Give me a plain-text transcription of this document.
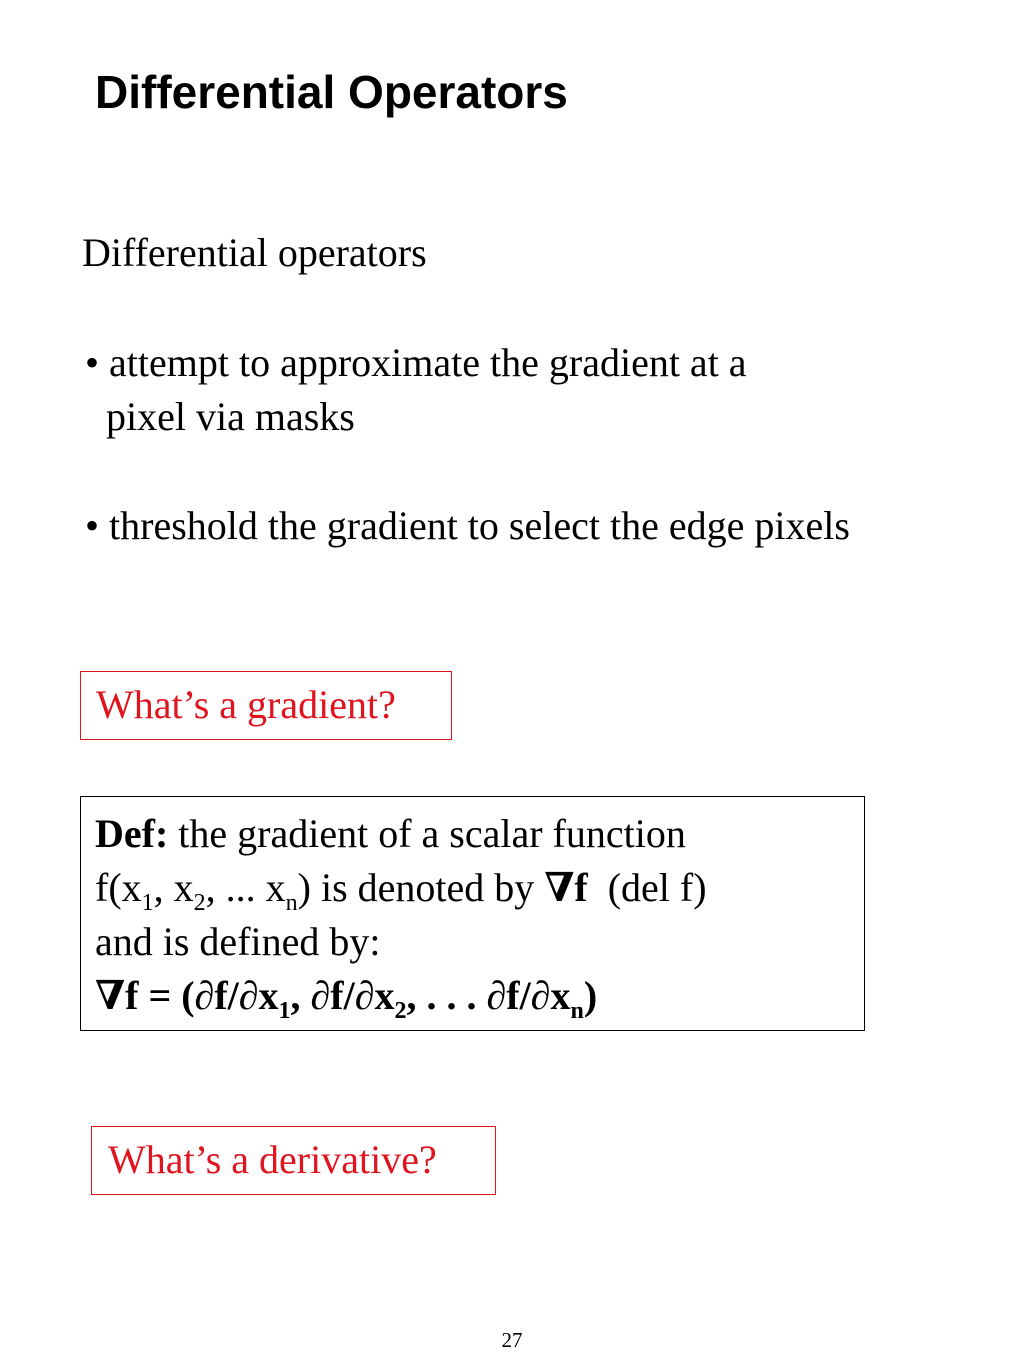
Differential Operators
Differential operators
• attempt to approximate the gradient at a
pixel via masks
• threshold the gradient to select the edge pixels
What’s a gradient?
Def: the gradient of a scalar function
$f(x_1$, $x_2$, ... $x_n$) is denoted by ∇f  (del f)
and is defined by:
$\nabla f = (\partial f/\partial x_1$, $\partial f/\partial x_2$, . . . $\partial f/\partial x_n$)
What’s a derivative?
27
